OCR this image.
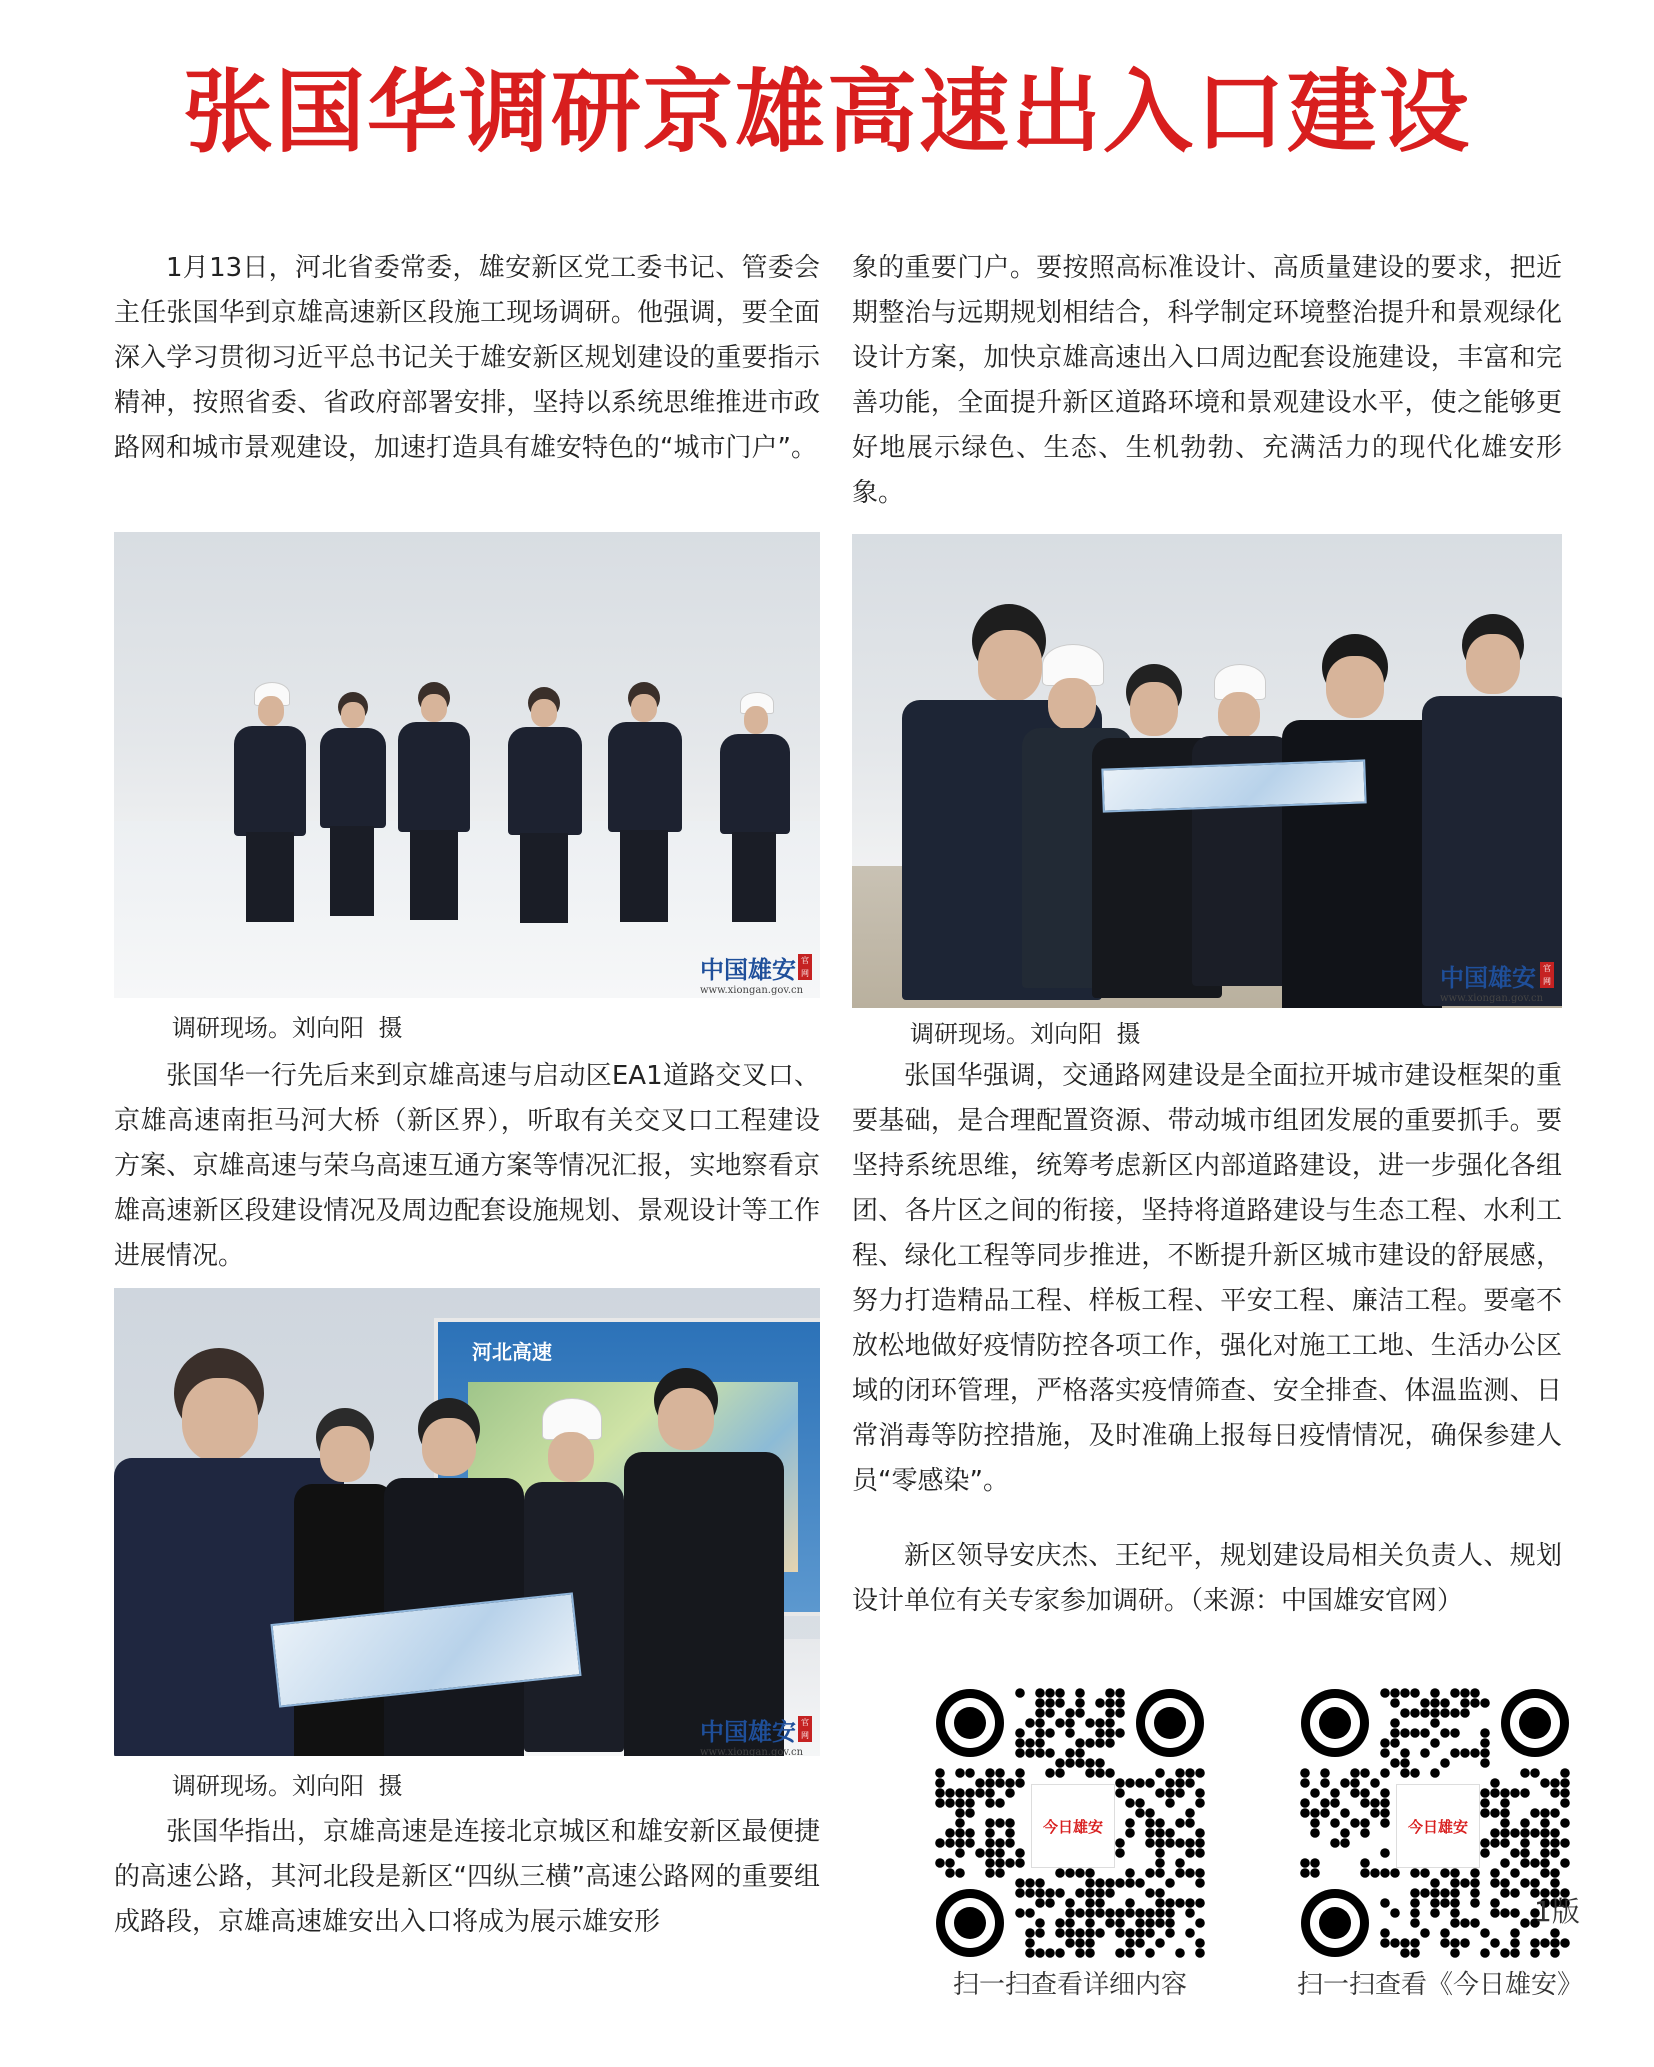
张国华调研京雄高速出入口建设

1月13日，河北省委常委，雄安新区党工委书记、管委会主任张国华到京雄高速新区段施工现场调研。他强调，要全面深入学习贯彻习近平总书记关于雄安新区规划建设的重要指示精神，按照省委、省政府部署安排，坚持以系统思维推进市政路网和城市景观建设，加速打造具有雄安特色的“城市门户”。

中国雄安
www.xiongan.gov.cn
官网

调研现场。刘向阳 摄

张国华一行先后来到京雄高速与启动区EA1道路交叉口、京雄高速南拒马河大桥（新区界），听取有关交叉口工程建设方案、京雄高速与荣乌高速互通方案等情况汇报，实地察看京雄高速新区段建设情况及周边配套设施规划、景观设计等工作进展情况。

河北高速
中国雄安
www.xiongan.gov.cn
官网

调研现场。刘向阳 摄

张国华指出，京雄高速是连接北京城区和雄安新区最便捷的高速公路，其河北段是新区“四纵三横”高速公路网的重要组成路段，京雄高速雄安出入口将成为展示雄安形

象的重要门户。要按照高标准设计、高质量建设的要求，把近期整治与远期规划相结合，科学制定环境整治提升和景观绿化设计方案，加快京雄高速出入口周边配套设施建设，丰富和完善功能，全面提升新区道路环境和景观建设水平，使之能够更好地展示绿色、生态、生机勃勃、充满活力的现代化雄安形象。

中国雄安
www.xiongan.gov.cn
官网

调研现场。刘向阳 摄

张国华强调，交通路网建设是全面拉开城市建设框架的重要基础，是合理配置资源、带动城市组团发展的重要抓手。要坚持系统思维，统筹考虑新区内部道路建设，进一步强化各组团、各片区之间的衔接，坚持将道路建设与生态工程、水利工程、绿化工程等同步推进，不断提升新区城市建设的舒展感，努力打造精品工程、样板工程、平安工程、廉洁工程。要毫不放松地做好疫情防控各项工作，强化对施工工地、生活办公区域的闭环管理，严格落实疫情筛查、安全排查、体温监测、日常消毒等防控措施，及时准确上报每日疫情情况，确保参建人员“零感染”。

新区领导安庆杰、王纪平，规划建设局相关负责人、规划设计单位有关专家参加调研。（来源：中国雄安官网）

今日雄安

扫一扫查看详细内容

今日雄安

扫一扫查看《今日雄安》

1版
